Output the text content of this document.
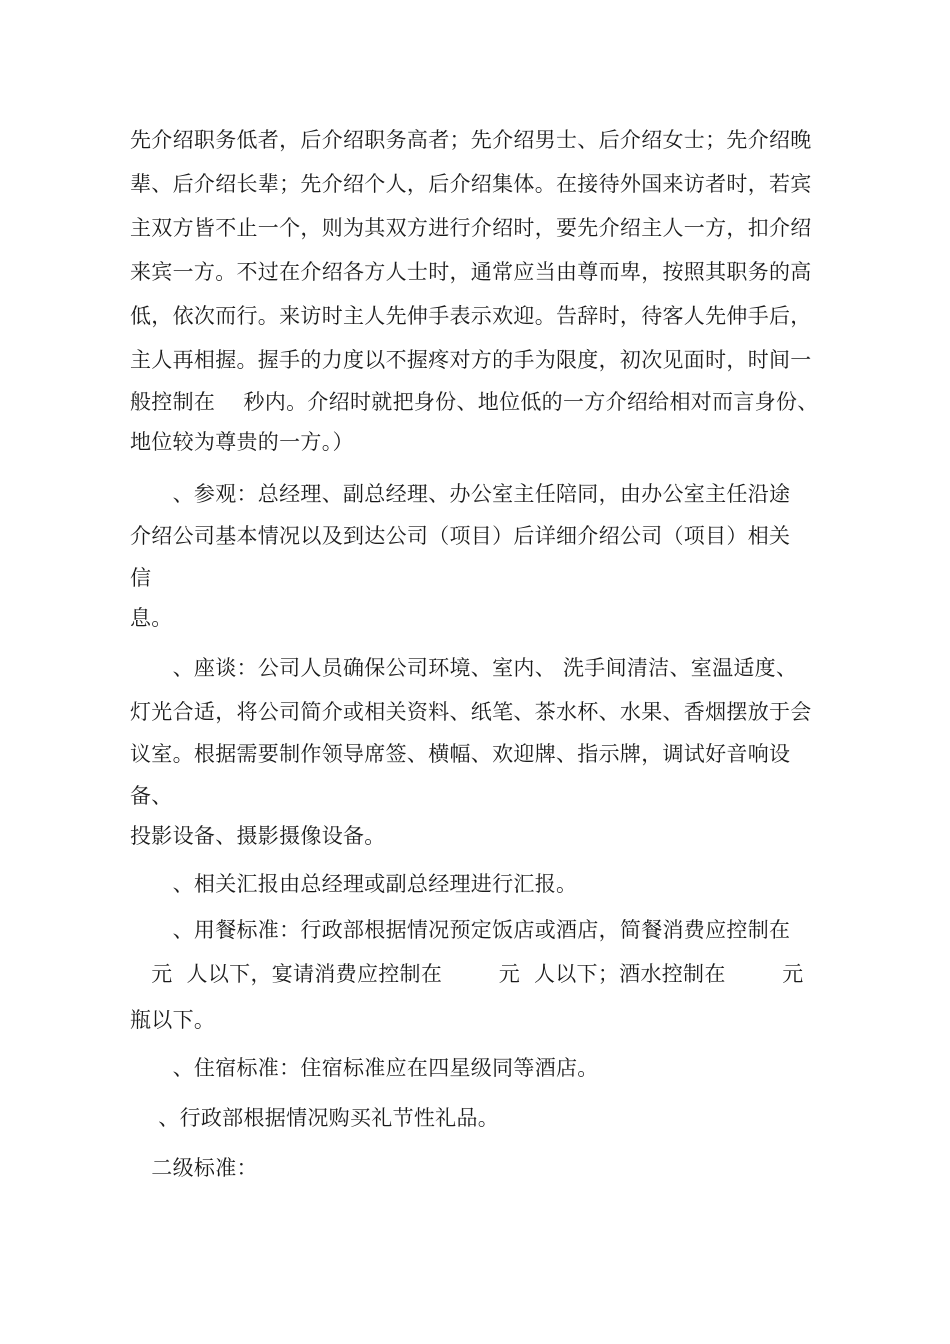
先介绍职务低者，后介绍职务高者；先介绍男士、后介绍女士；先介绍晚
辈、后介绍长辈；先介绍个人，后介绍集体。在接待外国来访者时，若宾
主双方皆不止一个，则为其双方进行介绍时，要先介绍主人一方，扣介绍
来宾一方。不过在介绍各方人士时，通常应当由尊而卑，按照其职务的高
低，依次而行。来访时主人先伸手表示欢迎。告辞时，待客人先伸手后，
主人再相握。握手的力度以不握疼对方的手为限度，初次见面时，时间一
般控制在　 秒内。介绍时就把身份、地位低的一方介绍给相对而言身份、
地位较为尊贵的一方。）
　　、参观：总经理、副总经理、办公室主任陪同，由办公室主任沿途
介绍公司基本情况以及到达公司（项目）后详细介绍公司（项目）相关
信
息。
　　、座谈：公司人员确保公司环境、室内、 洗手间清洁、室温适度、
灯光合适，将公司简介或相关资料、纸笔、茶水杯、水果、香烟摆放于会
议室。根据需要制作领导席签、横幅、欢迎牌、指示牌，调试好音响设
备、
投影设备、摄影摄像设备。
　　、相关汇报由总经理或副总经理进行汇报。
　　、用餐标准：行政部根据情况预定饭店或酒店，简餐消费应控制在
　元  人以下，宴请消费应控制在　　  元  人以下；酒水控制在　　  元
瓶以下。
　　、住宿标准：住宿标准应在四星级同等酒店。
　 、行政部根据情况购买礼节性礼品。
　二级标准：
